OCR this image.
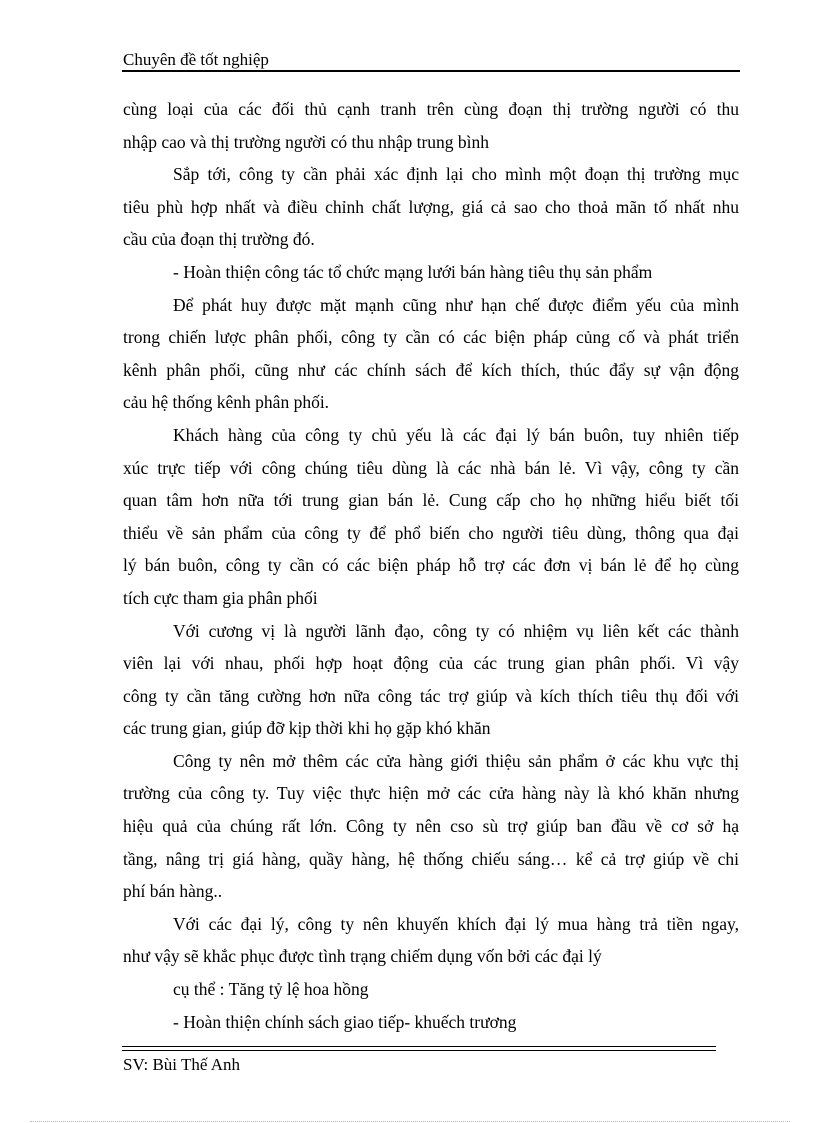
Chuyên đề tốt nghiệp
cùng loại của các đối thủ cạnh tranh trên cùng đoạn thị trường người có thu
nhập cao và thị trường người có thu nhập trung bình
Sắp tới, công ty cần phải xác định lại cho mình một đoạn thị trường mục
tiêu phù hợp nhất và điều chỉnh chất lượng, giá cả sao cho thoả mãn tố nhất nhu
cầu của đoạn thị trường đó.
- Hoàn thiện công tác tổ chức mạng lưới bán hàng tiêu thụ sản phẩm
Để phát huy được mặt mạnh cũng như hạn chế được điểm yếu của mình
trong chiến lược phân phối, công ty cần có các biện pháp củng cố và phát triển
kênh phân phối, cũng như các chính sách để kích thích, thúc đẩy sự vận động
cảu hệ thống kênh phân phối.
Khách hàng của công ty chủ yếu là các đại lý bán buôn, tuy nhiên tiếp
xúc trực tiếp với công chúng tiêu dùng là các nhà bán lẻ. Vì vậy, công ty cần
quan tâm hơn nữa tới trung gian bán lẻ. Cung cấp cho họ những hiểu biết tối
thiểu về sản phẩm của công ty để phổ biến cho người tiêu dùng, thông qua đại
lý bán buôn, công ty cần có các biện pháp hỗ trợ các đơn vị bán lẻ để họ cùng
tích cực tham gia phân phối
Với cương vị là người lãnh đạo, công ty có nhiệm vụ liên kết các thành
viên lại với nhau, phối hợp hoạt động của các trung gian phân phối. Vì vậy
công ty cần tăng cường hơn nữa công tác trợ giúp và kích thích tiêu thụ đối với
các trung gian, giúp đỡ kịp thời khi họ gặp khó khăn
Công ty nên mở thêm các cửa hàng giới thiệu sản phẩm ở các khu vực thị
trường của công ty. Tuy việc thực hiện mở các cửa hàng này là khó khăn nhưng
hiệu quả của chúng rất lớn. Công ty nên cso sù trợ giúp ban đầu về cơ sở hạ
tầng, nâng trị giá hàng, quầy hàng, hệ thống chiếu sáng… kể cả trợ giúp về chi
phí bán hàng..
Với các đại lý, công ty nên khuyến khích đại lý mua hàng trả tiền ngay,
như vậy sẽ khắc phục được tình trạng chiếm dụng vốn bởi các đại lý
cụ thể : Tăng tỷ lệ hoa hồng
- Hoàn thiện chính sách giao tiếp- khuếch trương
SV: Bùi Thế Anh
